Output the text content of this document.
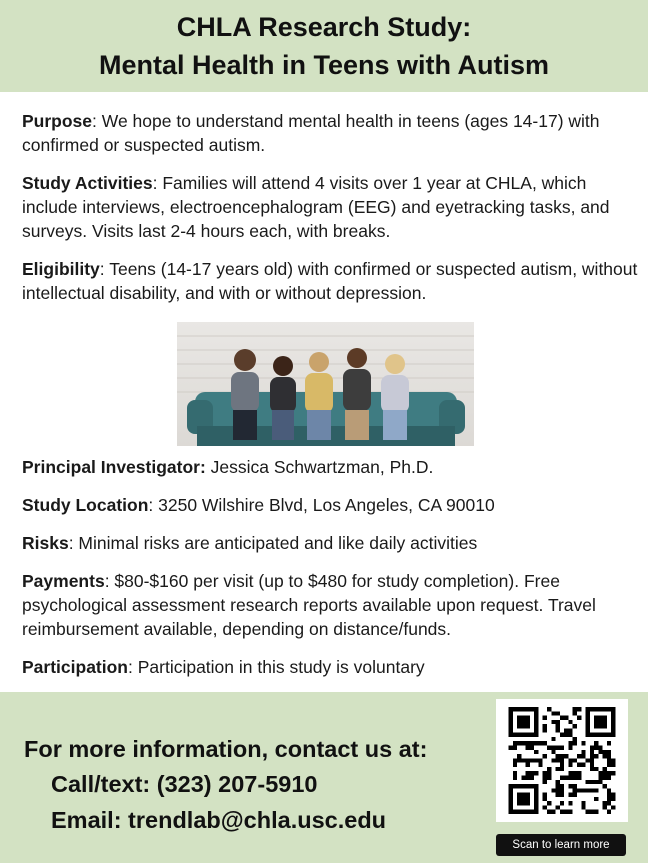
CHLA Research Study:
Mental Health in Teens with Autism

Purpose: We hope to understand mental health in teens (ages 14-17) with confirmed or suspected autism.

Study Activities: Families will attend 4 visits over 1 year at CHLA, which include interviews, electroencephalogram (EEG) and eyetracking tasks, and surveys. Visits last 2-4 hours each, with breaks.

Eligibility: Teens (14-17 years old) with confirmed or suspected autism, without intellectual disability, and with or without depression.

Principal Investigator: Jessica Schwartzman, Ph.D.

Study Location: 3250 Wilshire Blvd, Los Angeles, CA 90010

Risks: Minimal risks are anticipated and like daily activities

Payments: $80-$160 per visit (up to $480 for study completion). Free psychological assessment research reports available upon request. Travel reimbursement available, depending on distance/funds.

Participation: Participation in this study is voluntary

For more information, contact us at:
Call/text: (323) 207-5910
Email: trendlab@chla.usc.edu
Scan to learn more
